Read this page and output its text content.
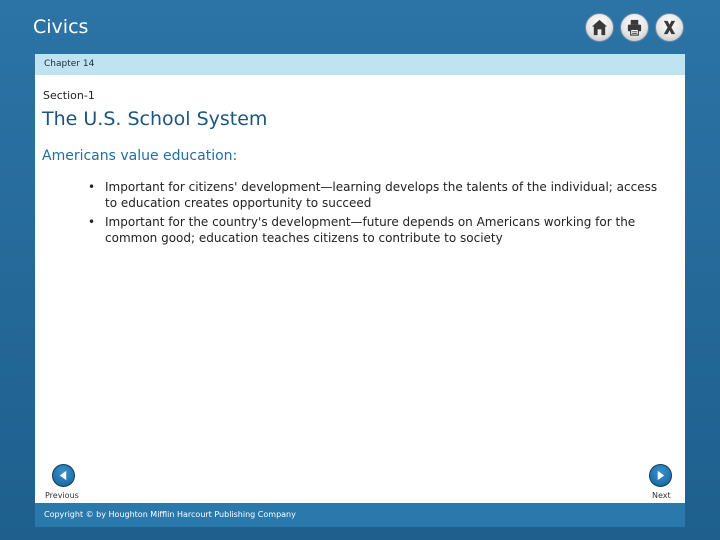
Civics
Chapter 14
Section-1
The U.S. School System
Americans value education:
• Important for citizens' development—learning develops the talents of the individual; access to education creates opportunity to succeed
• Important for the country's development—future depends on Americans working for the common good; education teaches citizens to contribute to society
Previous	Next
Copyright © by Houghton Mifflin Harcourt Publishing Company
